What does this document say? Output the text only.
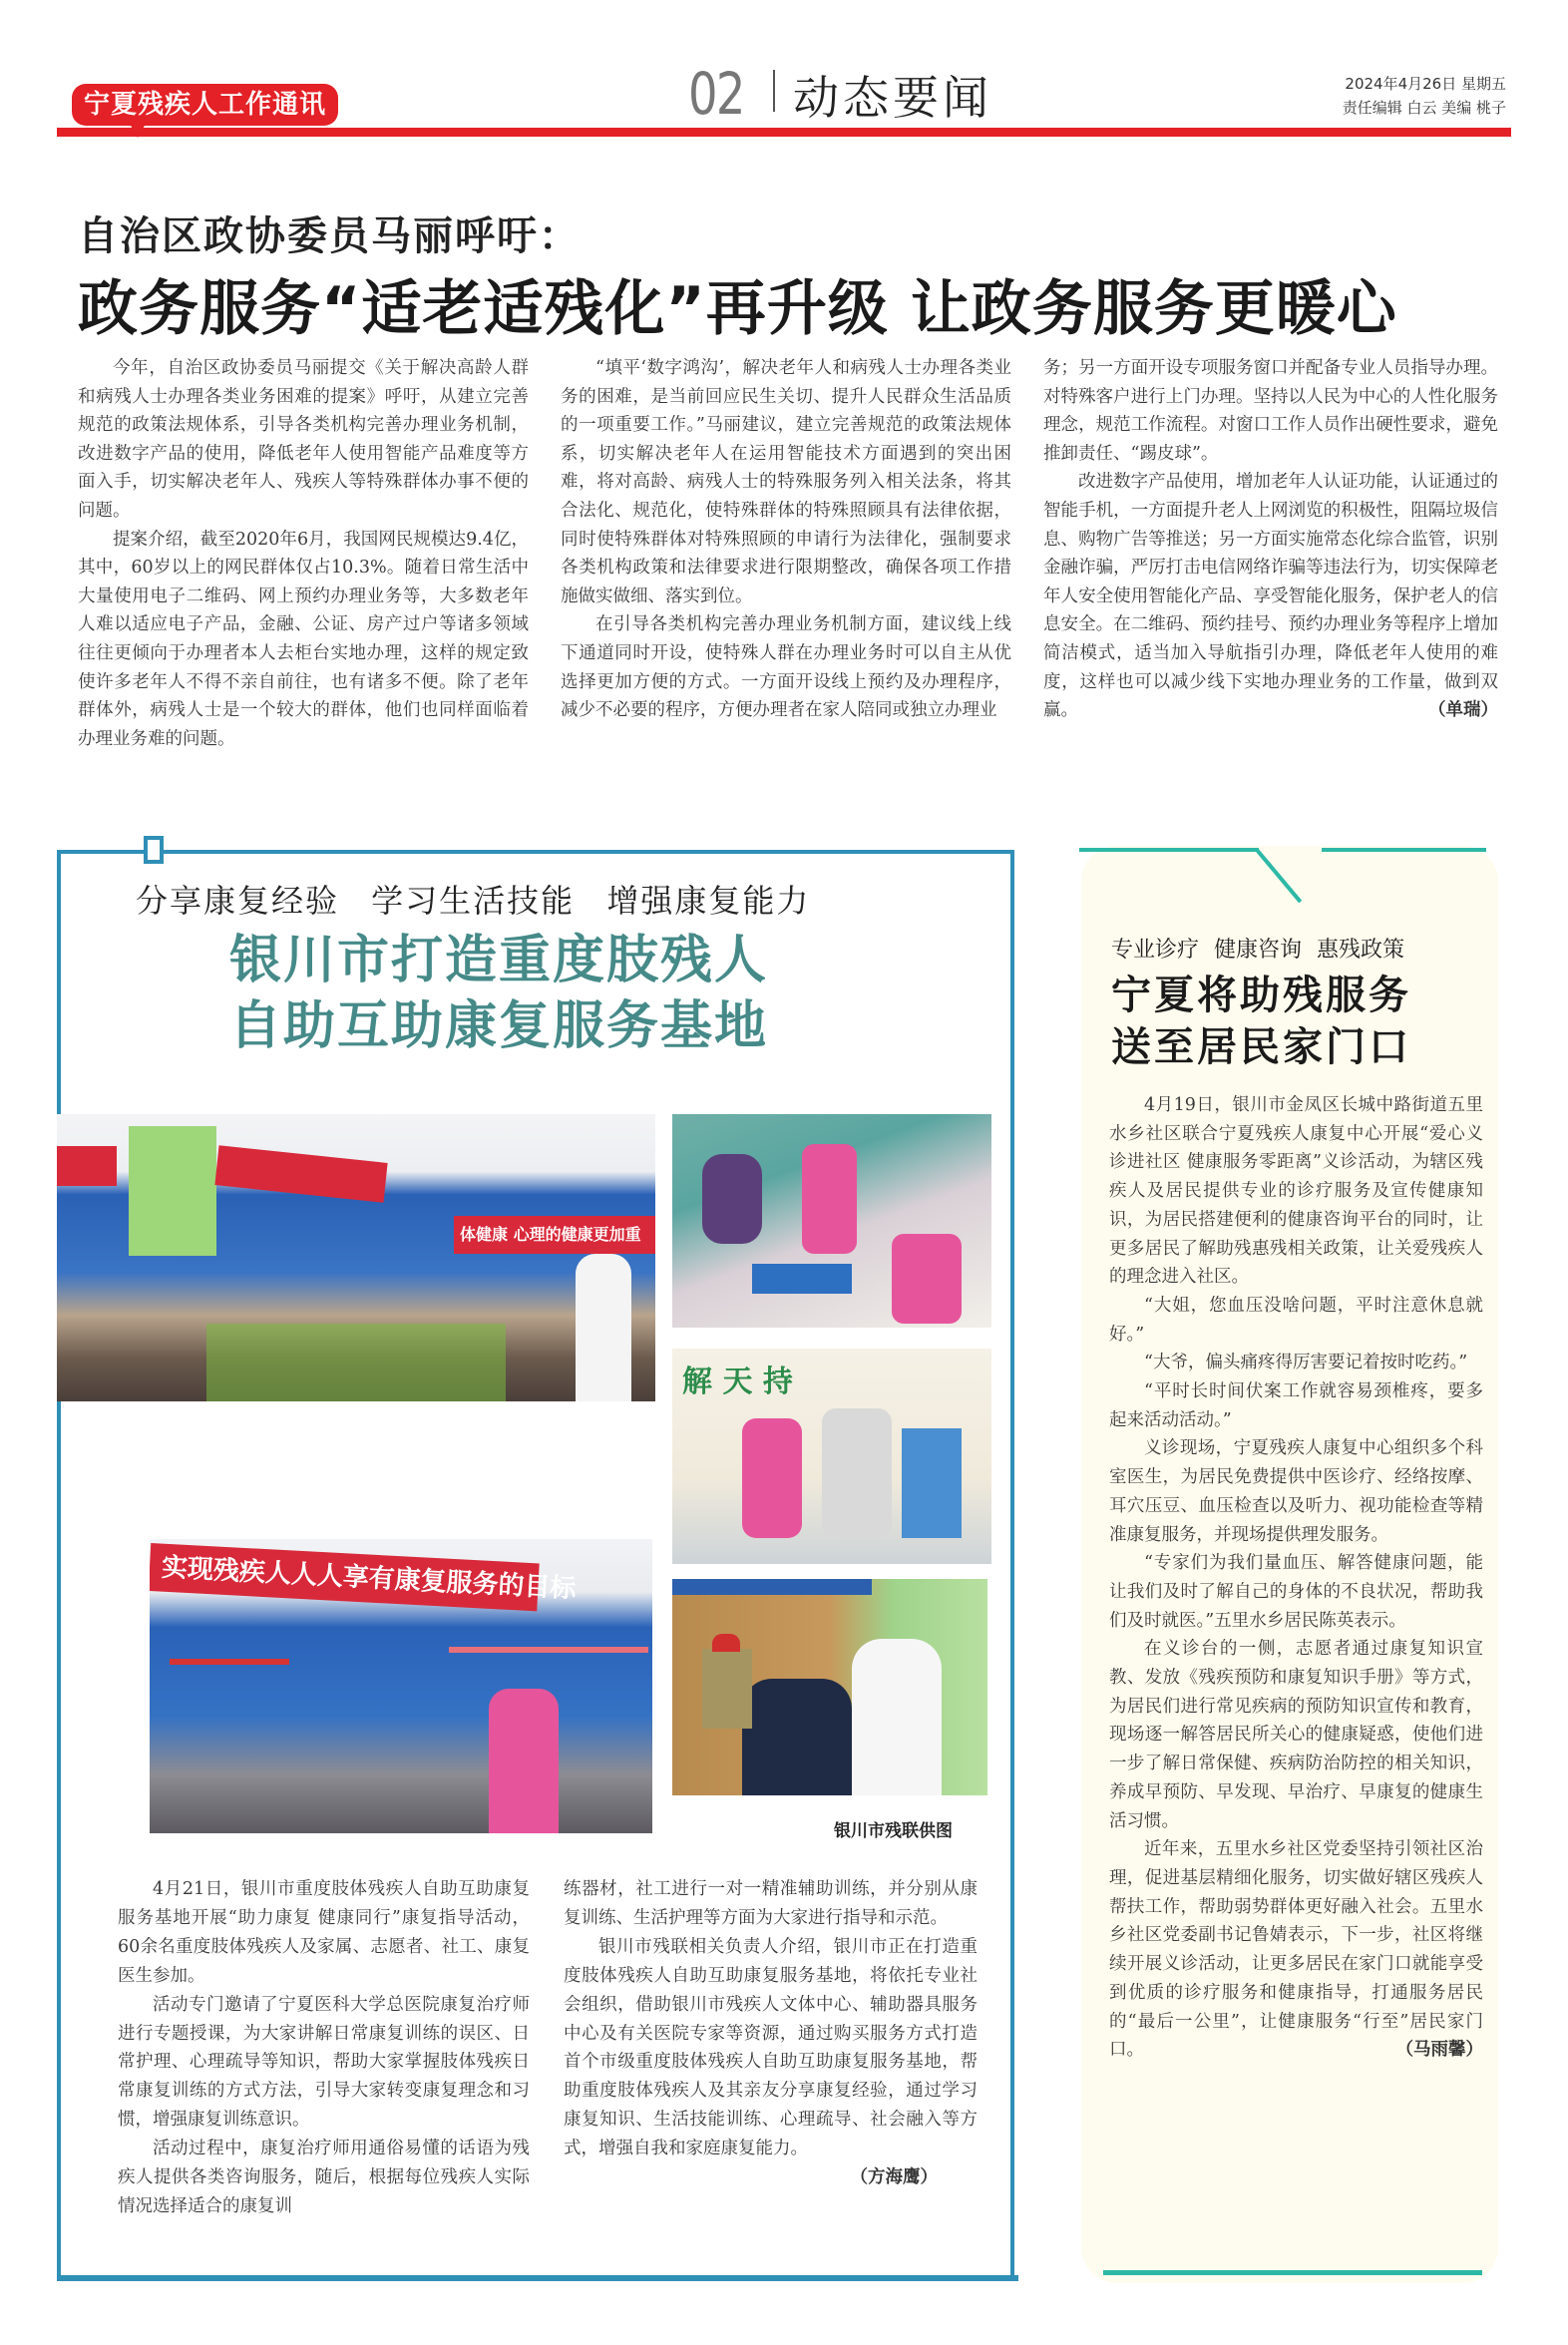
宁夏残疾人工作通讯	02 动态要闻	2024年4月26日 星期五
责任编辑 白云 美编 桃子
自治区政协委员马丽呼吁：
政务服务“适老适残化”再升级 让政务服务更暖心

今年，自治区政协委员马丽提交《关于解决高龄人群和病残人士办理各类业务困难的提案》呼吁，从建立完善规范的政策法规体系，引导各类机构完善办理业务机制，改进数字产品的使用，降低老年人使用智能产品难度等方面入手，切实解决老年人、残疾人等特殊群体办事不便的问题。

提案介绍，截至2020年6月，我国网民规模达9.4亿，其中，60岁以上的网民群体仅占10.3%。随着日常生活中大量使用电子二维码、网上预约办理业务等，大多数老年人难以适应电子产品，金融、公证、房产过户等诸多领域往往更倾向于办理者本人去柜台实地办理，这样的规定致使许多老年人不得不亲自前往，也有诸多不便。除了老年群体外，病残人士是一个较大的群体，他们也同样面临着办理业务难的问题。

“填平‘数字鸿沟’，解决老年人和病残人士办理各类业务的困难，是当前回应民生关切、提升人民群众生活品质的一项重要工作。”马丽建议，建立完善规范的政策法规体系，切实解决老年人在运用智能技术方面遇到的突出困难，将对高龄、病残人士的特殊服务列入相关法条，将其合法化、规范化，使特殊群体的特殊照顾具有法律依据，同时使特殊群体对特殊照顾的申请行为法律化，强制要求各类机构政策和法律要求进行限期整改，确保各项工作措施做实做细、落实到位。

在引导各类机构完善办理业务机制方面，建议线上线下通道同时开设，使特殊人群在办理业务时可以自主从优选择更加方便的方式。一方面开设线上预约及办理程序，减少不必要的程序，方便办理者在家人陪同或独立办理业

务；另一方面开设专项服务窗口并配备专业人员指导办理。对特殊客户进行上门办理。坚持以人民为中心的人性化服务理念，规范工作流程。对窗口工作人员作出硬性要求，避免推卸责任、“踢皮球”。

改进数字产品使用，增加老年人认证功能，认证通过的智能手机，一方面提升老人上网浏览的积极性，阻隔垃圾信息、购物广告等推送；另一方面实施常态化综合监管，识别金融诈骗，严厉打击电信网络诈骗等违法行为，切实保障老年人安全使用智能化产品、享受智能化服务，保护老人的信息安全。在二维码、预约挂号、预约办理业务等程序上增加简洁模式，适当加入导航指引办理，降低老年人使用的难度，这样也可以减少线下实地办理业务的工作量，做到双赢。	（单瑞）

分享康复经验 学习生活技能 增强康复能力
银川市打造重度肢残人
自助互助康复服务基地
体健康 心理的健康更加重
解 天 持
实现残疾人人人享有康复服务的目标
银川市残联供图

4月21日，银川市重度肢体残疾人自助互助康复服务基地开展“助力康复 健康同行”康复指导活动，60余名重度肢体残疾人及家属、志愿者、社工、康复医生参加。

活动专门邀请了宁夏医科大学总医院康复治疗师进行专题授课，为大家讲解日常康复训练的误区、日常护理、心理疏导等知识，帮助大家掌握肢体残疾日常康复训练的方式方法，引导大家转变康复理念和习惯，增强康复训练意识。

活动过程中，康复治疗师用通俗易懂的话语为残疾人提供各类咨询服务，随后，根据每位残疾人实际情况选择适合的康复训

练器材，社工进行一对一精准辅助训练，并分别从康复训练、生活护理等方面为大家进行指导和示范。

银川市残联相关负责人介绍，银川市正在打造重度肢体残疾人自助互助康复服务基地，将依托专业社会组织，借助银川市残疾人文体中心、辅助器具服务中心及有关医院专家等资源，通过购买服务方式打造首个市级重度肢体残疾人自助互助康复服务基地，帮助重度肢体残疾人及其亲友分享康复经验，通过学习康复知识、生活技能训练、心理疏导、社会融入等方式，增强自我和家庭康复能力。

（方海鹰）

专业诊疗 健康咨询 惠残政策
宁夏将助残服务
送至居民家门口

4月19日，银川市金凤区长城中路街道五里水乡社区联合宁夏残疾人康复中心开展“爱心义诊进社区 健康服务零距离”义诊活动，为辖区残疾人及居民提供专业的诊疗服务及宣传健康知识，为居民搭建便利的健康咨询平台的同时，让更多居民了解助残惠残相关政策，让关爱残疾人的理念进入社区。

“大姐，您血压没啥问题，平时注意休息就好。”

“大爷，偏头痛疼得厉害要记着按时吃药。”

“平时长时间伏案工作就容易颈椎疼，要多起来活动活动。”

义诊现场，宁夏残疾人康复中心组织多个科室医生，为居民免费提供中医诊疗、经络按摩、耳穴压豆、血压检查以及听力、视功能检查等精准康复服务，并现场提供理发服务。

“专家们为我们量血压、解答健康问题，能让我们及时了解自己的身体的不良状况，帮助我们及时就医。”五里水乡居民陈英表示。

在义诊台的一侧，志愿者通过康复知识宣教、发放《残疾预防和康复知识手册》等方式，为居民们进行常见疾病的预防知识宣传和教育，现场逐一解答居民所关心的健康疑惑，使他们进一步了解日常保健、疾病防治防控的相关知识，养成早预防、早发现、早治疗、早康复的健康生活习惯。

近年来，五里水乡社区党委坚持引领社区治理，促进基层精细化服务，切实做好辖区残疾人帮扶工作，帮助弱势群体更好融入社会。五里水乡社区党委副书记鲁婧表示，下一步，社区将继续开展义诊活动，让更多居民在家门口就能享受到优质的诊疗服务和健康指导，打通服务居民的“最后一公里”，让健康服务“行至”居民家门口。	（马雨馨）
